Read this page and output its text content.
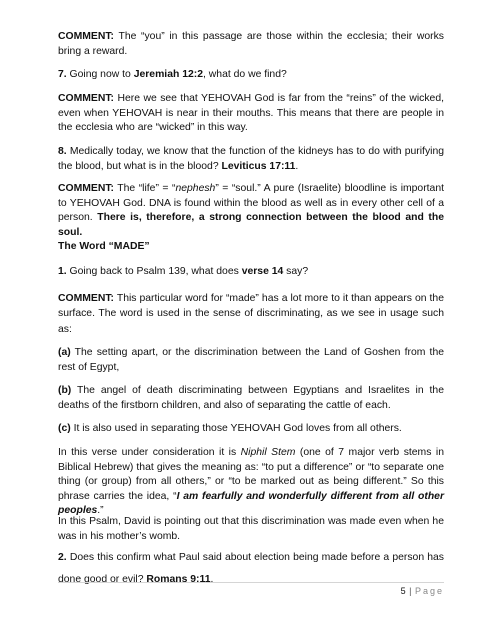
COMMENT: The “you” in this passage are those within the ecclesia; their works bring a reward.

7. Going now to Jeremiah 12:2, what do we find?

COMMENT: Here we see that YEHOVAH God is far from the “reins” of the wicked, even when YEHOVAH is near in their mouths. This means that there are people in the ecclesia who are “wicked” in this way.

8. Medically today, we know that the function of the kidneys has to do with purifying the blood, but what is in the blood? Leviticus 17:11.

COMMENT: The “life” = “nephesh” = “soul.” A pure (Israelite) bloodline is important to YEHOVAH God. DNA is found within the blood as well as in every other cell of a person. There is, therefore, a strong connection between the blood and the soul.

The Word “MADE”

1. Going back to Psalm 139, what does verse 14 say?

COMMENT: This particular word for “made” has a lot more to it than appears on the surface. The word is used in the sense of discriminating, as we see in usage such as:

(a) The setting apart, or the discrimination between the Land of Goshen from the rest of Egypt,

(b) The angel of death discriminating between Egyptians and Israelites in the deaths of the firstborn children, and also of separating the cattle of each.

(c) It is also used in separating those YEHOVAH God loves from all others.

In this verse under consideration it is Niphil Stem (one of 7 major verb stems in Biblical Hebrew) that gives the meaning as: “to put a difference” or “to separate one thing (or group) from all others,” or “to be marked out as being different.” So this phrase carries the idea, “I am fearfully and wonderfully different from all other peoples.”

In this Psalm, David is pointing out that this discrimination was made even when he was in his mother’s womb.

2. Does this confirm what Paul said about election being made before a person has done good or evil? Romans 9:11.

5 | Page
